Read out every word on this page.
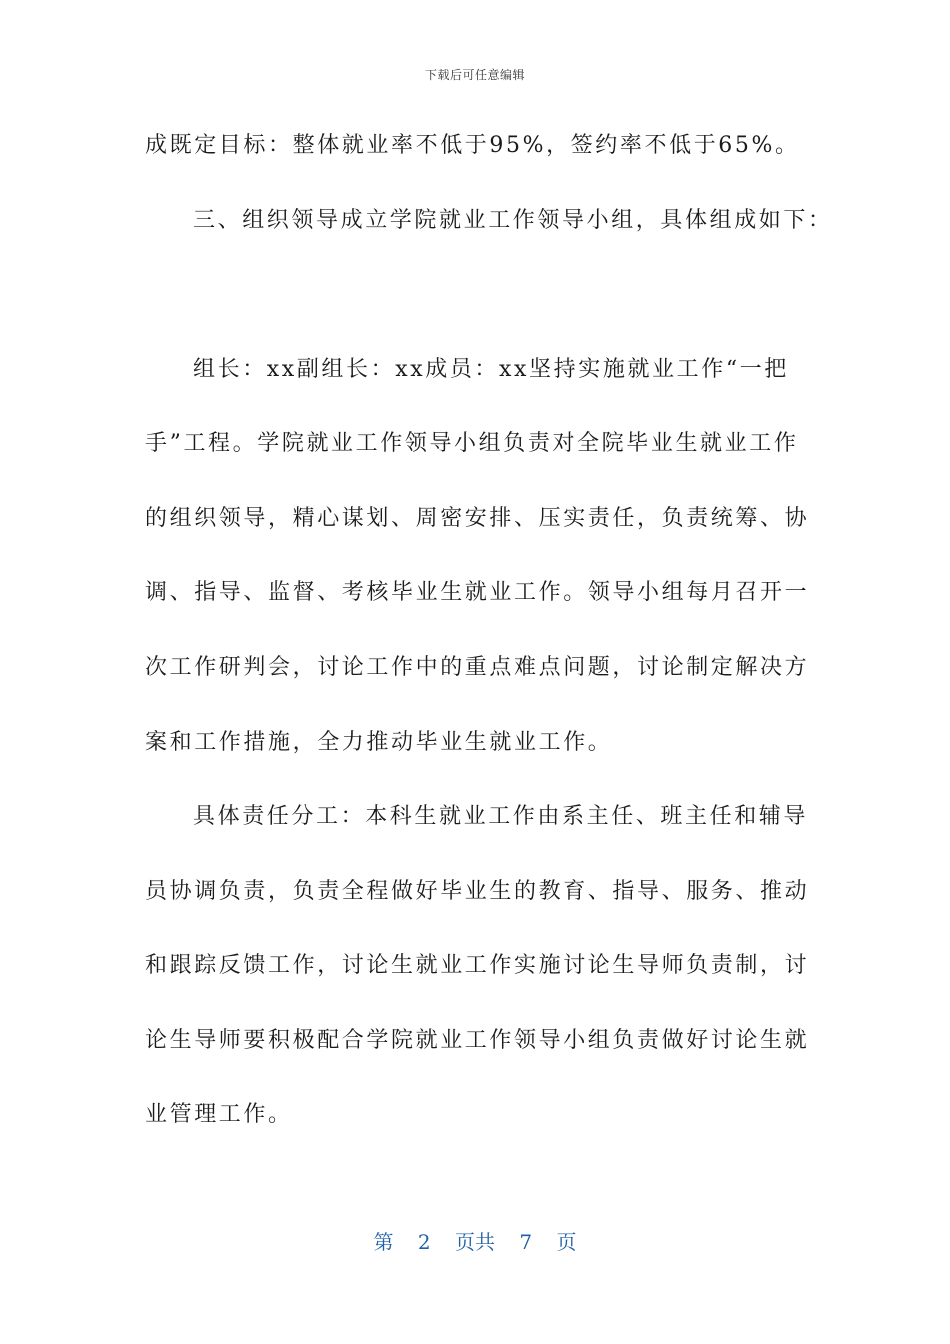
下载后可任意编辑
成既定目标：整体就业率不低于95%，签约率不低于65%。
三、组织领导成立学院就业工作领导小组，具体组成如下：
组长：xx副组长：xx成员：xx坚持实施就业工作“一把
手”工程。学院就业工作领导小组负责对全院毕业生就业工作
的组织领导，精心谋划、周密安排、压实责任，负责统筹、协
调、指导、监督、考核毕业生就业工作。领导小组每月召开一
次工作研判会，讨论工作中的重点难点问题，讨论制定解决方
案和工作措施，全力推动毕业生就业工作。
具体责任分工：本科生就业工作由系主任、班主任和辅导
员协调负责，负责全程做好毕业生的教育、指导、服务、推动
和跟踪反馈工作，讨论生就业工作实施讨论生导师负责制，讨
论生导师要积极配合学院就业工作领导小组负责做好讨论生就
业管理工作。
第 2 页共 7 页
